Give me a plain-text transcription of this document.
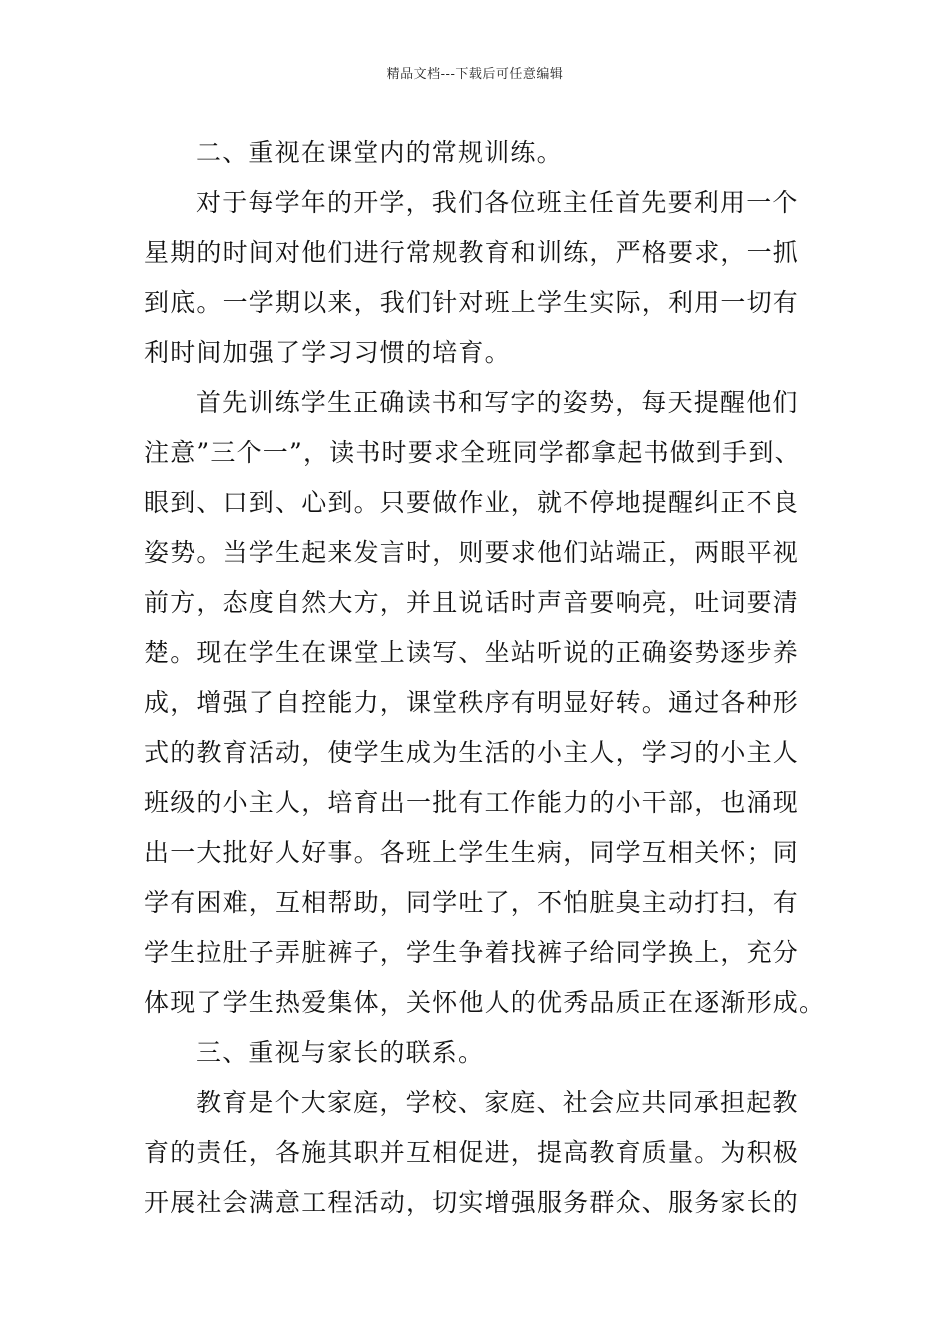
精品文档---下载后可任意编辑
二、重视在课堂内的常规训练。
对于每学年的开学，我们各位班主任首先要利用一个
星期的时间对他们进行常规教育和训练，严格要求，一抓
到底。一学期以来，我们针对班上学生实际，利用一切有
利时间加强了学习习惯的培育。
首先训练学生正确读书和写字的姿势，每天提醒他们
注意”三个一”，读书时要求全班同学都拿起书做到手到、
眼到、口到、心到。只要做作业，就不停地提醒纠正不良
姿势。当学生起来发言时，则要求他们站端正，两眼平视
前方，态度自然大方，并且说话时声音要响亮，吐词要清
楚。现在学生在课堂上读写、坐站听说的正确姿势逐步养
成，增强了自控能力，课堂秩序有明显好转。通过各种形
式的教育活动，使学生成为生活的小主人，学习的小主人
班级的小主人，培育出一批有工作能力的小干部，也涌现
出一大批好人好事。各班上学生生病，同学互相关怀；同
学有困难，互相帮助，同学吐了，不怕脏臭主动打扫，有
学生拉肚子弄脏裤子，学生争着找裤子给同学换上，充分
体现了学生热爱集体，关怀他人的优秀品质正在逐渐形成。
三、重视与家长的联系。
教育是个大家庭，学校、家庭、社会应共同承担起教
育的责任，各施其职并互相促进，提高教育质量。为积极
开展社会满意工程活动，切实增强服务群众、服务家长的
